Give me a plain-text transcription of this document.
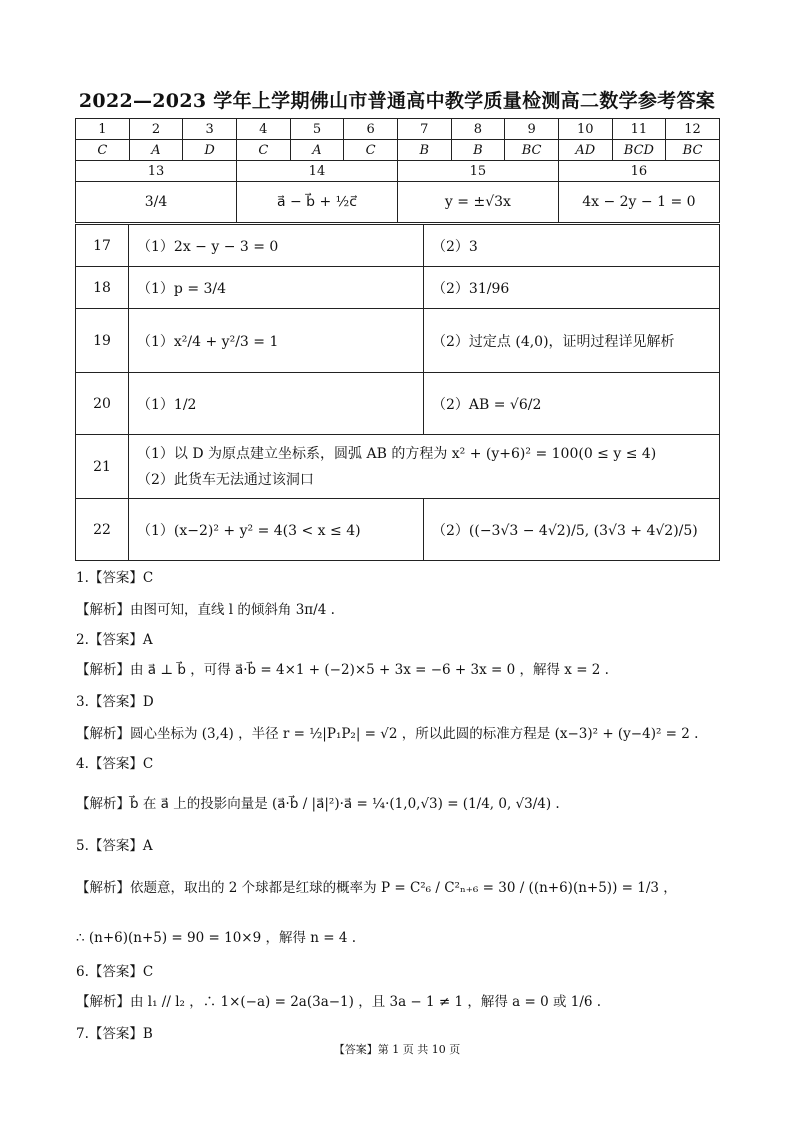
2022—2023 学年上学期佛山市普通高中教学质量检测高二数学参考答案
1	2	3	4	5	6	7	8	9	10	11	12
C	A	D	C	A	C	B	B	BC	AD	BCD	BC
13			14			15			16		
3/4			a⃗ − b⃗ + ½c⃗			y = ±√3x			4x − 2y − 1 = 0		
17	（1）2x − y − 3 = 0	（2）3
18	（1）p = 3/4	（2）31/96
19	（1）x²/4 + y²/3 = 1	（2）过定点 (4,0)，证明过程详见解析
20	（1）1/2	（2）AB = √6/2
21	（1）以 D 为原点建立坐标系，圆弧 AB 的方程为 x² + (y+6)² = 100(0 ≤ y ≤ 4)
（2）此货车无法通过该洞口	

22	（1）(x−2)² + y² = 4(3 < x ≤ 4)	（2）((−3√3 − 4√2)/5, (3√3 + 4√2)/5)
1.【答案】C
【解析】由图可知，直线 l 的倾斜角 3π/4 .
2.【答案】A
【解析】由 a⃗ ⊥ b⃗ ，可得 a⃗·b⃗ = 4×1 + (−2)×5 + 3x = −6 + 3x = 0 ，解得 x = 2 .
3.【答案】D
【解析】圆心坐标为 (3,4) ，半径 r = ½|P₁P₂| = √2 ，所以此圆的标准方程是 (x−3)² + (y−4)² = 2 .
4.【答案】C
【解析】b⃗ 在 a⃗ 上的投影向量是 (a⃗·b⃗ / |a⃗|²)·a⃗ = ¼·(1,0,√3) = (1/4, 0, √3/4) .
5.【答案】A
【解析】依题意，取出的 2 个球都是红球的概率为 P = C²₆ / C²ₙ₊₆ = 30 / ((n+6)(n+5)) = 1/3 ，
∴ (n+6)(n+5) = 90 = 10×9 ，解得 n = 4 .
6.【答案】C
【解析】由 l₁ // l₂ ，∴ 1×(−a) = 2a(3a−1) ，且 3a − 1 ≠ 1 ，解得 a = 0 或 1/6 .
7.【答案】B
【答案】第 1 页 共 10 页
